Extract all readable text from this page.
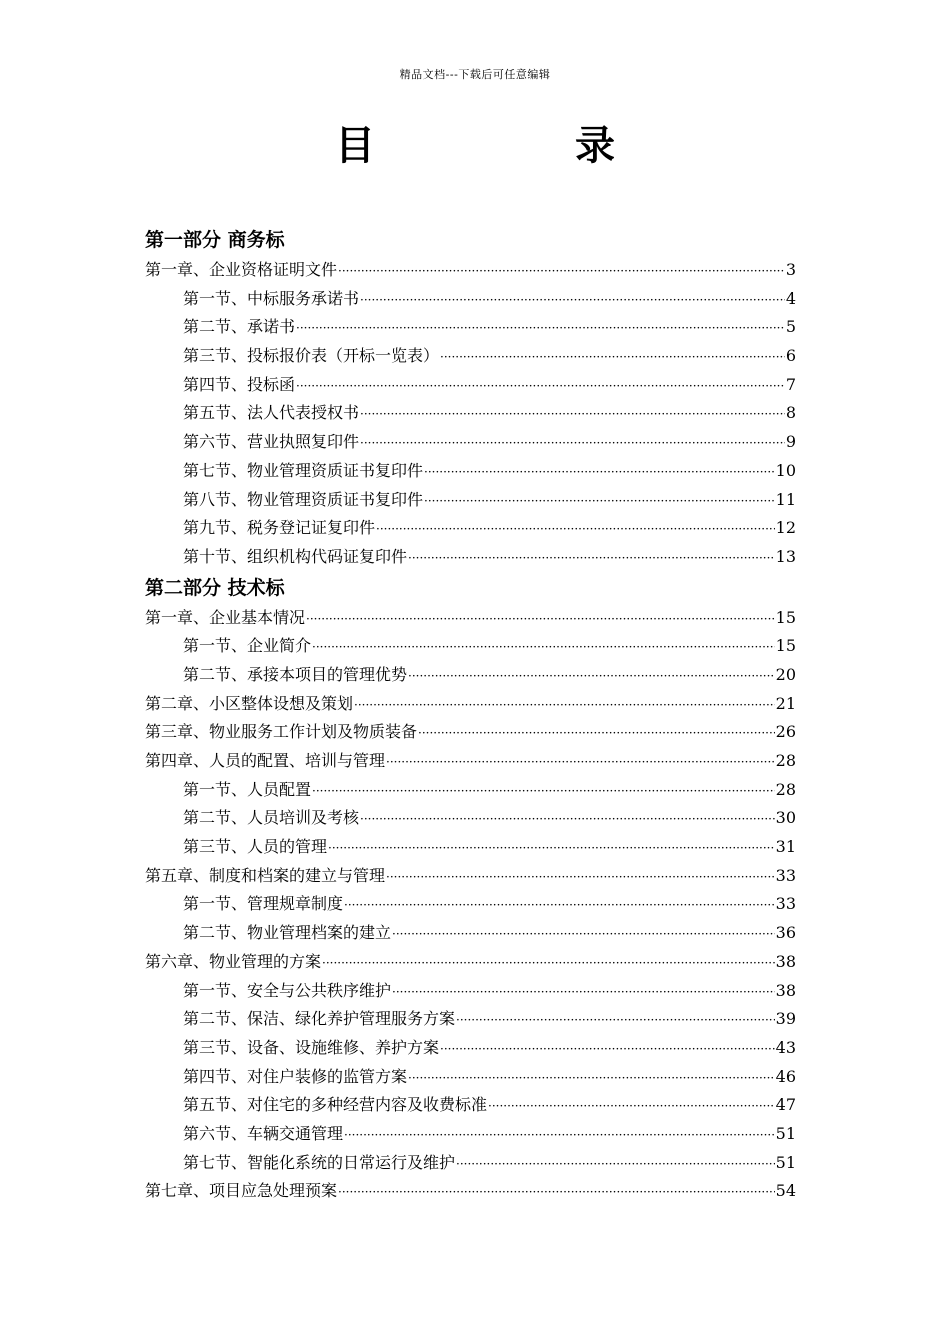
精品文档---下载后可任意编辑
目　录
第一部分 商务标
第一章、企业资格证明文件 ·····	3
第一节、中标服务承诺书 ·····	4
第二节、承诺书 ·····	5
第三节、投标报价表（开标一览表） ·····	6
第四节、投标函 ·····	7
第五节、法人代表授权书 ·····	8
第六节、营业执照复印件 ·····	9
第七节、物业管理资质证书复印件 ·····	10
第八节、物业管理资质证书复印件 ·····	11
第九节、税务登记证复印件 ·····	12
第十节、组织机构代码证复印件 ·····	13
第二部分 技术标
第一章、企业基本情况 ·····	15
第一节、企业简介 ·····	15
第二节、承接本项目的管理优势 ·····	20
第二章、小区整体设想及策划 ·····	21
第三章、物业服务工作计划及物质装备 ·····	26
第四章、人员的配置、培训与管理 ·····	28
第一节、人员配置 ·····	28
第二节、人员培训及考核 ·····	30
第三节、人员的管理 ·····	31
第五章、制度和档案的建立与管理 ·····	33
第一节、管理规章制度 ·····	33
第二节、物业管理档案的建立 ·····	36
第六章、物业管理的方案 ·····	38
第一节、安全与公共秩序维护 ·····	38
第二节、保洁、绿化养护管理服务方案 ·····	39
第三节、设备、设施维修、养护方案 ·····	43
第四节、对住户装修的监管方案 ·····	46
第五节、对住宅的多种经营内容及收费标准 ·····	47
第六节、车辆交通管理 ·····	51
第七节、智能化系统的日常运行及维护 ·····	51
第七章、项目应急处理预案 ·····	54
